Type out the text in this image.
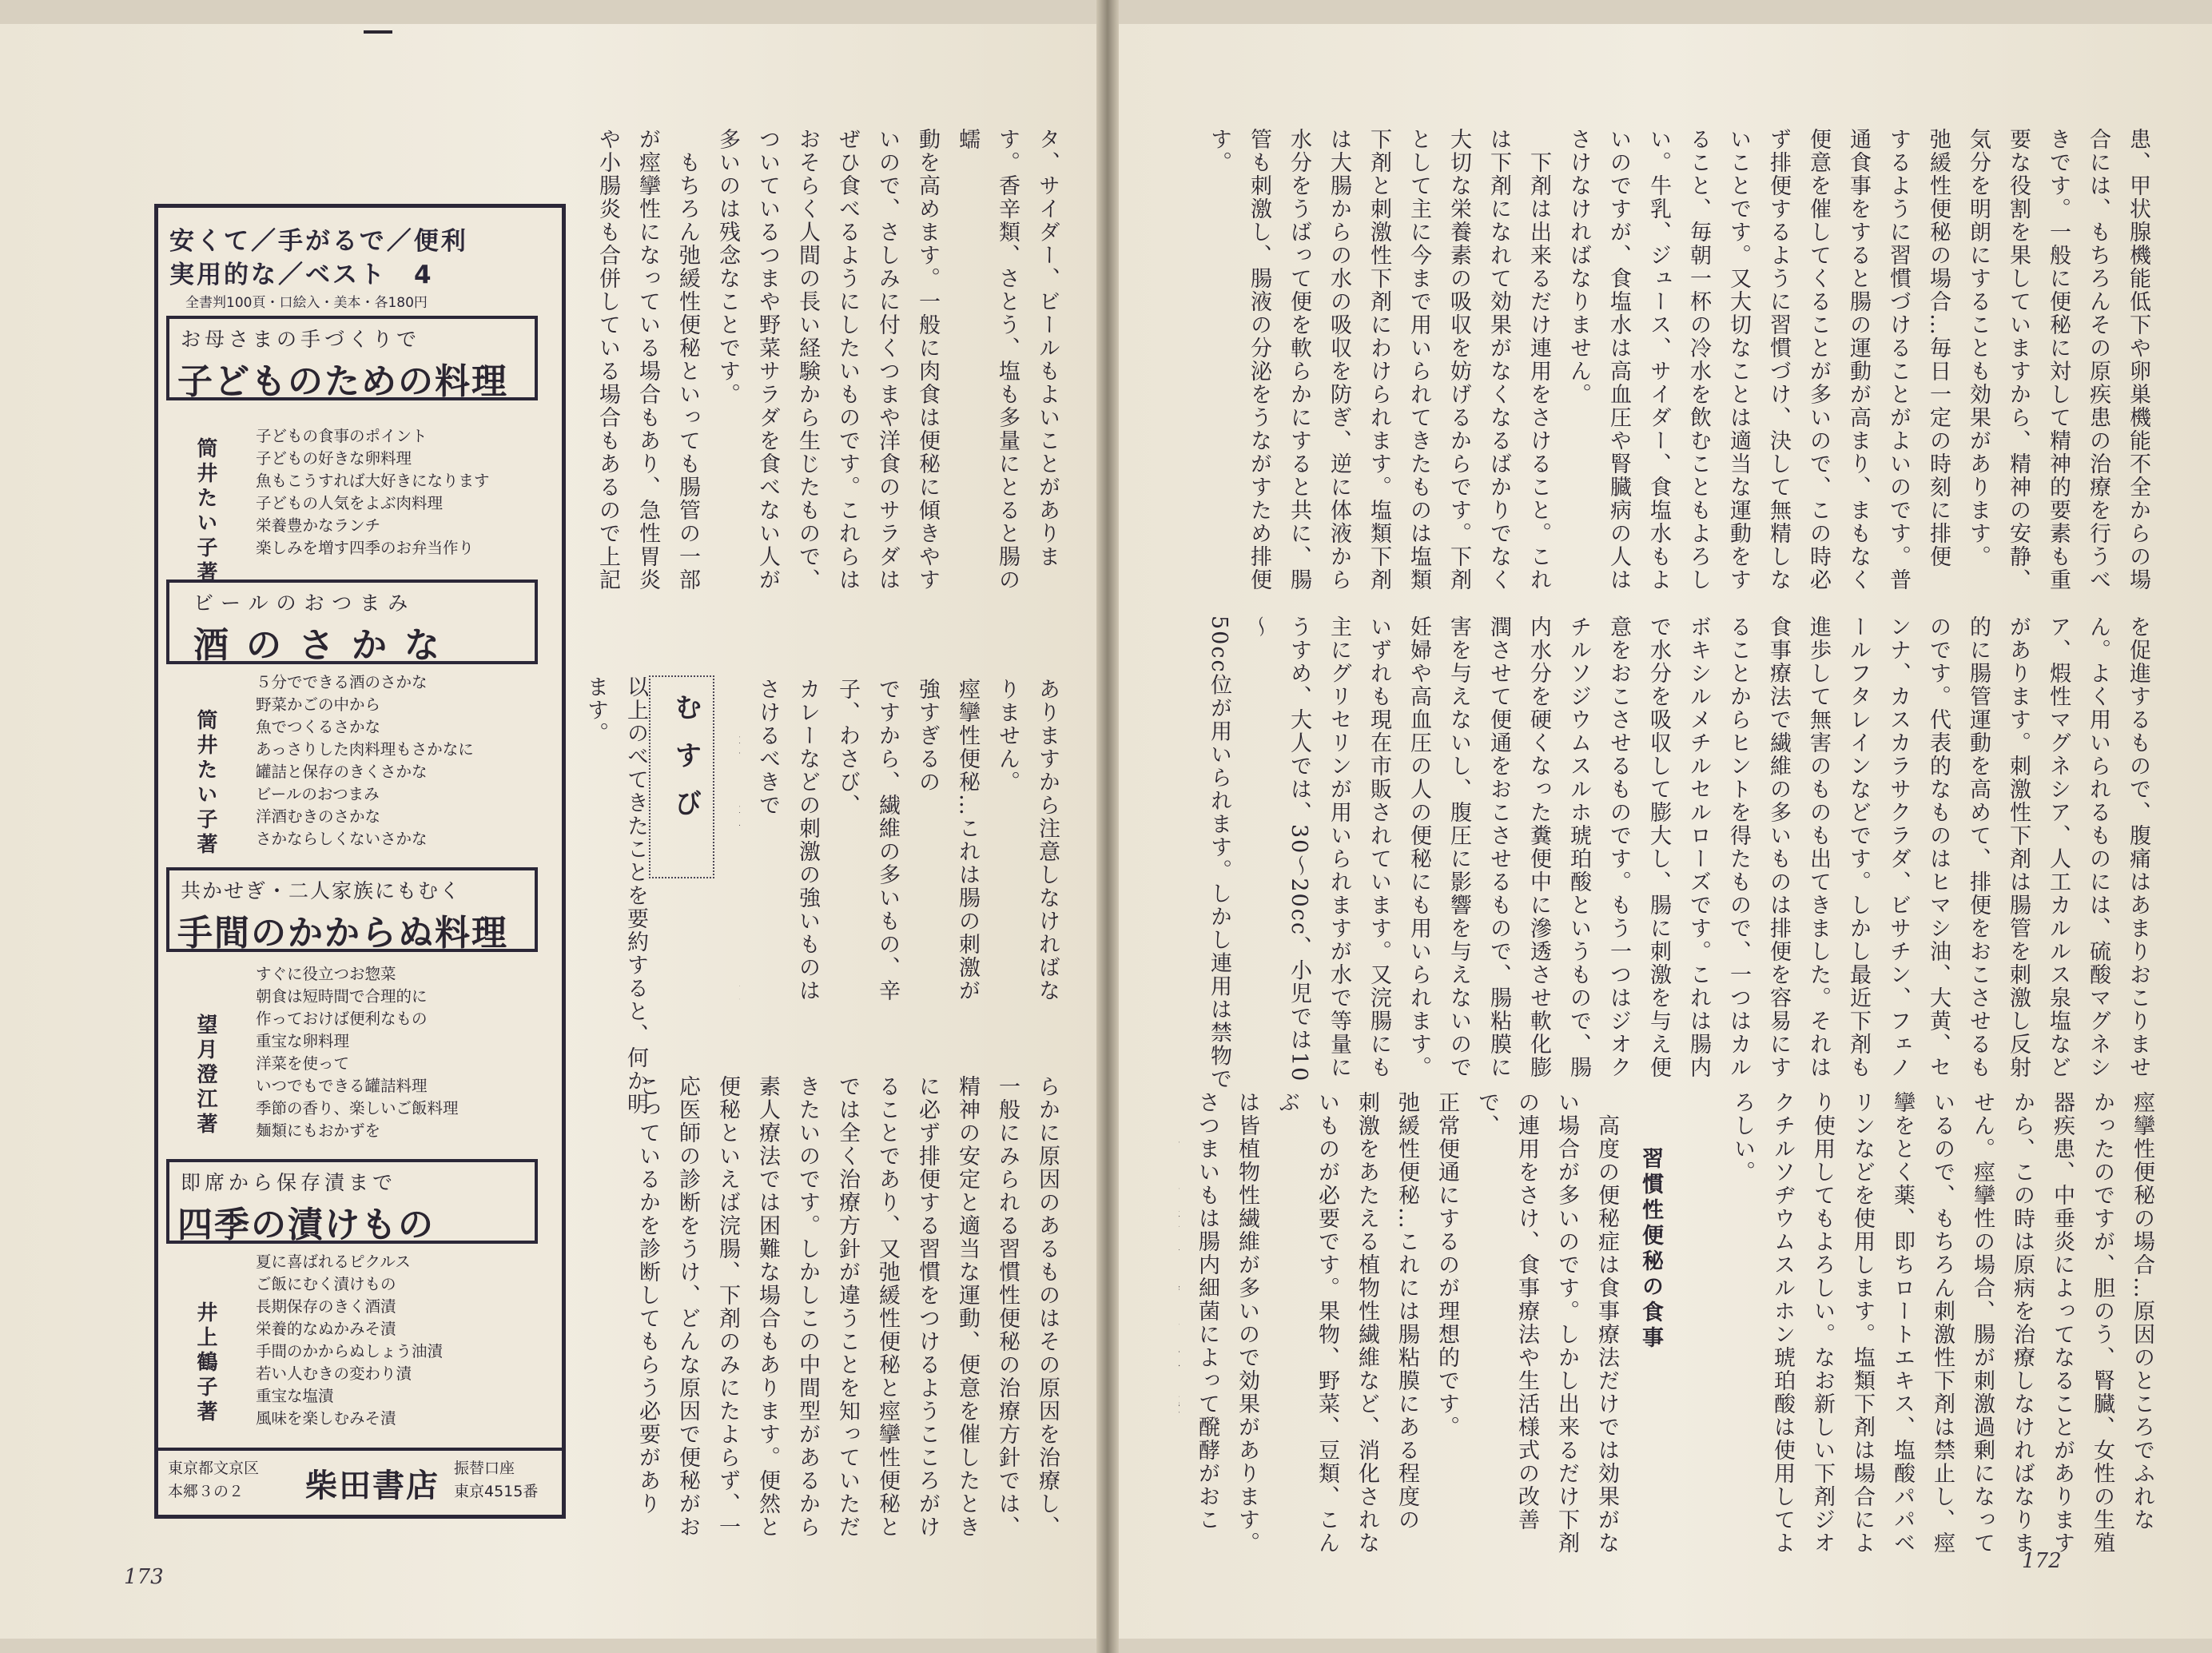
タ、サイダー、ビールもよいことがありま
す。香辛類、さとう、塩も多量にとると腸の蠕
動を高めます。一般に肉食は便秘に傾きやす
いので、さしみに付くつまや洋食のサラダは
ぜひ食べるようにしたいものです。これらは
おそらく人間の長い経験から生じたもので、
ついているつまや野菜サラダを食べない人が
多いのは残念なことです。
　もちろん弛緩性便秘といっても腸管の一部
が痙攣性になっている場合もあり、急性胃炎
や小腸炎も合併している場合もあるので上記

ありますから注意しなければなりません。
痙攣性便秘…これは腸の刺激が強すぎるの
ですから、繊維の多いもの、辛子、わさび、
カレーなどの刺激の強いものはさけるべきで

むすび
以上のべてきたことを要約すると、何か明
ます。
らかに原因のあるものはその原因を治療し、
一般にみられる習慣性便秘の治療方針では、
精神の安定と適当な運動、便意を催したとき
に必ず排便する習慣をつけるようこころがけ
ることであり、又弛緩性便秘と痙攣性便秘と
では全く治療方針が違うことを知っていただ
きたいのです。しかしこの中間型があるから
素人療法では困難な場合もあります。便然と
便秘といえば浣腸、下剤のみにたよらず、一
応医師の診断をうけ、どんな原因で便秘がお
こっているかを診断してもらう必要があり
173
安くて／手がるで／便利
実用的な／ベスト　4
全書判100頁・口絵入・美本・各180円
お母さまの手づくりで
子どものための料理
筒井たい子著
子どもの食事のポイント
子どもの好きな卵料理
魚もこうすれば大好きになります
子どもの人気をよぶ肉料理
栄養豊かなランチ
楽しみを増す四季のお弁当作り
ビールのおつまみ
酒のさかな
筒井たい子著
５分でできる酒のさかな
野菜かごの中から
魚でつくるさかな
あっさりした肉料理もさかなに
罐詰と保存のきくさかな
ビールのおつまみ
洋酒むきのさかな
さかならしくないさかな
共かせぎ・二人家族にもむく
手間のかからぬ料理
望月澄江著
すぐに役立つお惣菜
朝食は短時間で合理的に
作っておけば便利なもの
重宝な卵料理
洋菜を使って
いつでもできる罐詰料理
季節の香り、楽しいご飯料理
麺類にもおかずを
即席から保存漬まで
四季の漬けもの
井上鶴子著
夏に喜ばれるピクルス
ご飯にむく漬けもの
長期保存のきく酒漬
栄養的なぬかみそ漬
手間のかからぬしょう油漬
若い人むきの変わり漬
重宝な塩漬
風味を楽しむみそ漬
東京都文京区
本郷３の２	柴田書店 振替口座
東京4515番
患、甲状腺機能低下や卵巣機能不全からの場
合には、もちろんその原疾患の治療を行うべ
きです。一般に便秘に対して精神的要素も重
要な役割を果していますから、精神の安静、
気分を明朗にすることも効果があります。
弛緩性便秘の場合…毎日一定の時刻に排便
するように習慣づけることがよいのです。普
通食事をすると腸の運動が高まり、まもなく
便意を催してくることが多いので、この時必
ず排便するように習慣づけ、決して無精しな
いことです。又大切なことは適当な運動をす
ること、毎朝一杯の冷水を飲むこともよろし
い。牛乳、ジュース、サイダー、食塩水もよ
いのですが、食塩水は高血圧や腎臓病の人は
さけなければなりません。
　下剤は出来るだけ連用をさけること。これ
は下剤になれて効果がなくなるばかりでなく
大切な栄養素の吸収を妨げるからです。下剤
として主に今まで用いられてきたものは塩類
下剤と刺激性下剤にわけられます。塩類下剤
は大腸からの水の吸収を防ぎ、逆に体液から
水分をうばって便を軟らかにすると共に、腸
管も刺激し、腸液の分泌をうながすため排便
す。
を促進するもので、腹痛はあまりおこりませ
ん。よく用いられるものには、硫酸マグネシ
ア、煆性マグネシア、人工カルルス泉塩など
があります。刺激性下剤は腸管を刺激し反射
的に腸管運動を高めて、排便をおこさせるも
のです。代表的なものはヒマシ油、大黄、セ
ンナ、カスカラサクラダ、ビサチン、フェノ
ールフタレインなどです。しかし最近下剤も
進歩して無害のものも出てきました。それは
食事療法で繊維の多いものは排便を容易にす
ることからヒントを得たもので、一つはカル
ボキシルメチルセルローズです。これは腸内
で水分を吸収して膨大し、腸に刺激を与え便
意をおこさせるものです。もう一つはジオク
チルソジウムスルホ琥珀酸というもので、腸
内水分を硬くなった糞便中に滲透させ軟化膨
潤させて便通をおこさせるもので、腸粘膜に
害を与えないし、腹圧に影響を与えないので
妊婦や高血圧の人の便秘にも用いられます。
いずれも現在市販されています。又浣腸にも
主にグリセリンが用いられますが水で等量に
うすめ、大人では、30～20cc、小児では10～
50cc位が用いられます。しかし連用は禁物で
痙攣性便秘の場合…原因のところでふれな
かったのですが、胆のう、腎臓、女性の生殖
器疾患、中垂炎によってなることがあります
から、この時は原病を治療しなければなりま
せん。痙攣性の場合、腸が刺激過剰になって
いるので、もちろん刺激性下剤は禁止し、痙
攣をとく薬、即ちロートエキス、塩酸パパベ
リンなどを使用します。塩類下剤は場合によ
り使用してもよろしい。なお新しい下剤ジオ
クチルソヂウムスルホン琥珀酸は使用してよ
ろしい。
習慣性便秘の食事
　高度の便秘症は食事療法だけでは効果がな
い場合が多いのです。しかし出来るだけ下剤
の連用をさけ、食事療法や生活様式の改善で、
正常便通にするのが理想的です。
弛緩性便秘…これには腸粘膜にある程度の
刺激をあたえる植物性繊維など、消化されな
いものが必要です。果物、野菜、豆類、こんぶ
は皆植物性繊維が多いので効果があります。
さつまいもは腸内細菌によって醗酵がおこ

172
